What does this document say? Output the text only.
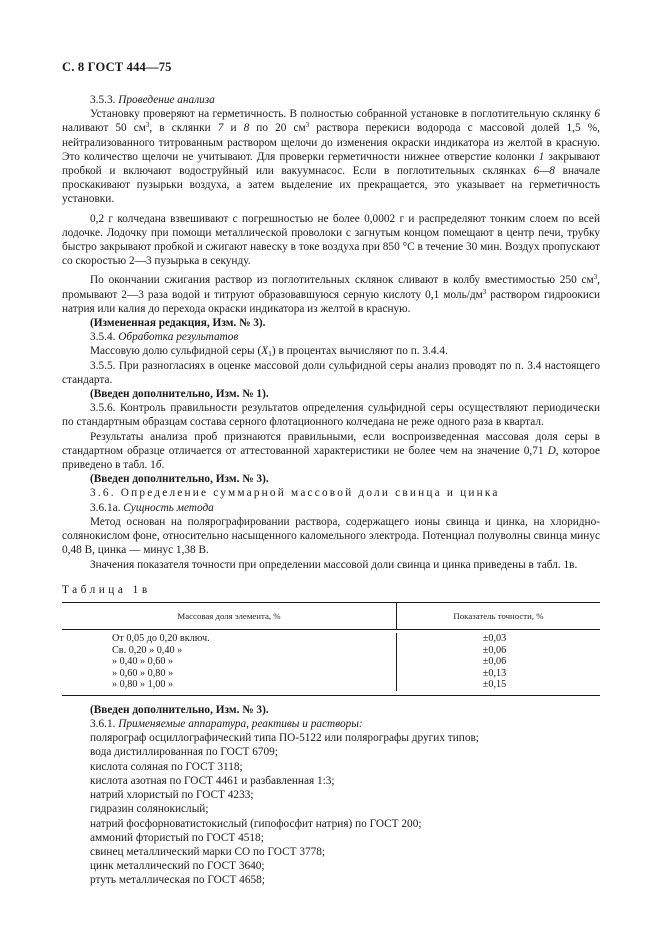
С. 8 ГОСТ 444—75

3.5.3. Проведение анализа

Установку проверяют на герметичность. В полностью собранной установке в поглотительную склянку 6 наливают 50 $см^3$, в склянки 7 и 8 по 20 $см^3$ раствора перекиси водорода с массовой долей 1,5 %, нейтрализованного титрованным раствором щелочи до изменения окраски индикатора из желтой в красную. Это количество щелочи не учитывают. Для проверки герметичности нижнее отверстие колонки 1 закрывают пробкой и включают водоструйный или вакуумнасос. Если в поглотительных склянках 6—8 вначале проскакивают пузырьки воздуха, а затем выделение их прекращается, это указывает на герметичность установки.

0,2 г колчедана взвешивают с погрешностью не более 0,0002 г и распределяют тонким слоем по всей лодочке. Лодочку при помощи металлической проволоки с загнутым концом помещают в центр печи, трубку быстро закрывают пробкой и сжигают навеску в токе воздуха при 850 °C в течение 30 мин. Воздух пропускают со скоростью 2—3 пузырька в секунду.

По окончании сжигания раствор из поглотительных склянок сливают в колбу вместимостью 250 $см^3$, промывают 2—3 раза водой и титруют образовавшуюся серную кислоту 0,1 моль/$дм^3$ раствором гидроокиси натрия или калия до перехода окраски индикатора из желтой в красную.

(Измененная редакция, Изм. № 3).

3.5.4. Обработка результатов

Массовую долю сульфидной серы $(X_1)$ в процентах вычисляют по п. 3.4.4.

3.5.5. При разногласиях в оценке массовой доли сульфидной серы анализ проводят по п. 3.4 настоящего стандарта.

(Введен дополнительно, Изм. № 1).

3.5.6. Контроль правильности результатов определения сульфидной серы осуществляют периодически по стандартным образцам состава серного флотационного колчедана не реже одного раза в квартал.

Результаты анализа проб признаются правильными, если воспроизведенная массовая доля серы в стандартном образце отличается от аттестованной характеристики не более чем на значение 0,71 D, которое приведено в табл. 1б.

(Введен дополнительно, Изм. № 3).

3.6. Определение суммарной массовой доли свинца и цинка

3.6.1а. Сущность метода

Метод основан на полярографировании раствора, содержащего ионы свинца и цинка, на хлоридно-солянокислом фоне, относительно насыщенного каломельного электрода. Потенциал полуволны свинца минус 0,48 В, цинка — минус 1,38 В.

Значения показателя точности при определении массовой доли свинца и цинка приведены в табл. 1в.

Таблица 1в

Массовая доля элемента, %	Показатель точности, %
От 0,05 до 0,20 включ.
Св. 0,20 » 0,40 »
» 0,40 » 0,60 »
» 0,60 » 0,80 »
» 0,80 » 1,00 »
±0,03
±0,06
±0,06
±0,13
±0,15

(Введен дополнительно, Изм. № 3).

3.6.1. Применяемые аппаратура, реактивы и растворы:

полярограф осциллографический типа ПО-5122 или полярографы других типов;

вода дистиллированная по ГОСТ 6709;

кислота соляная по ГОСТ 3118;

кислота азотная по ГОСТ 4461 и разбавленная 1:3;

натрий хлористый по ГОСТ 4233;

гидразин солянокислый;

натрий фосфорноватистокислый (гипофосфит натрия) по ГОСТ 200;

аммоний фтористый по ГОСТ 4518;

свинец металлический марки СО по ГОСТ 3778;

цинк металлический по ГОСТ 3640;

ртуть металлическая по ГОСТ 4658;
